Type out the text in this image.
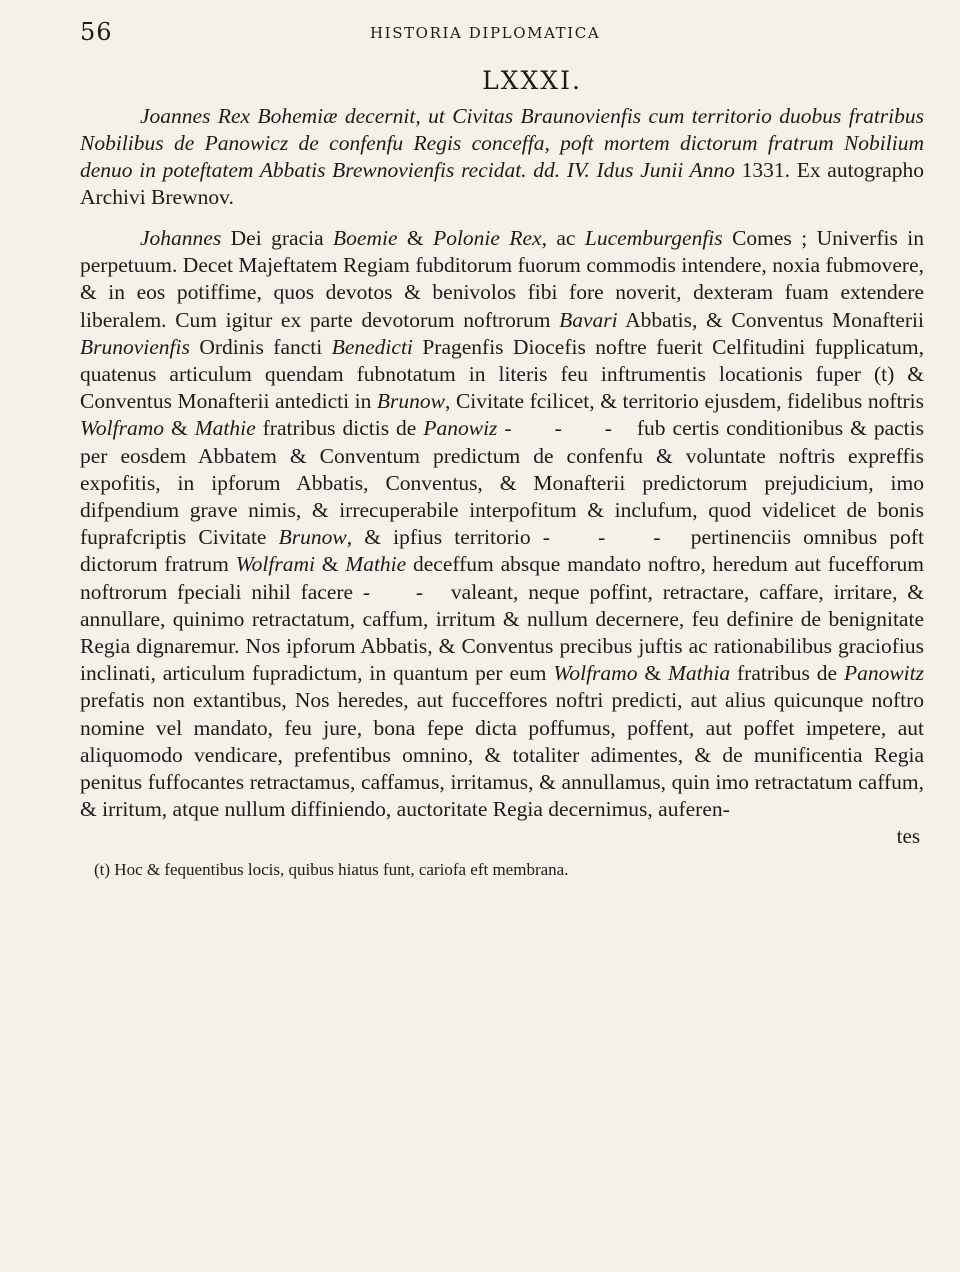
56	HISTORIA DIPLOMATICA
LXXXI.

Joannes Rex Bohemiæ decernit, ut Civitas Braunovienfis cum territorio duobus fratribus Nobilibus de Panowicz de confenfu Regis conceffa, poft mortem dictorum fratrum Nobilium denuo in poteftatem Abbatis Brewnovienfis recidat. dd. IV. Idus Junii Anno 1331. Ex autographo Archivi Brewnov.

Johannes Dei gracia Boemie & Polonie Rex, ac Lucemburgenfis Comes ; Univerfis in perpetuum. Decet Majeftatem Regiam fubditorum fuorum commodis intendere, noxia fubmovere, & in eos potiffime, quos devotos & benivolos fibi fore noverit, dexteram fuam extendere liberalem. Cum igitur ex parte devotorum noftrorum Bavari Abbatis, & Conventus Monafterii Brunovienfis Ordinis fancti Benedicti Pragenfis Diocefis noftre fuerit Celfitudini fupplicatum, quatenus articulum quendam fubnotatum in literis feu inftrumentis locationis fuper (t) & Conventus Monafterii antedicti in Brunow, Civitate fcilicet, & territorio ejusdem, fidelibus noftris Wolframo & Mathie fratribus dictis de Panowiz - - - fub certis conditionibus & pactis per eosdem Abbatem & Conventum predictum de confenfu & voluntate noftris expreffis expofitis, in ipforum Abbatis, Conventus, & Monafterii predictorum prejudicium, imo difpendium grave nimis, & irrecuperabile interpofitum & inclufum, quod videlicet de bonis fuprafcriptis Civitate Brunow, & ipfius territorio - - - pertinenciis omnibus poft dictorum fratrum Wolframi & Mathie deceffum absque mandato noftro, heredum aut fucefforum noftrorum fpeciali nihil facere - - valeant, neque poffint, retractare, caffare, irritare, & annullare, quinimo retractatum, caffum, irritum & nullum decernere, feu definire de benignitate Regia dignaremur. Nos ipforum Abbatis, & Conventus precibus juftis ac rationabilibus graciofius inclinati, articulum fupradictum, in quantum per eum Wolframo & Mathia fratribus de Panowitz prefatis non extantibus, Nos heredes, aut fucceffores noftri predicti, aut alius quicunque noftro nomine vel mandato, feu jure, bona fepe dicta poffumus, poffent, aut poffet impetere, aut aliquomodo vendicare, prefentibus omnino, & totaliter adimentes, & de munificentia Regia penitus fuffocantes retractamus, caffamus, irritamus, & annullamus, quin imo retractatum caffum, & irritum, atque nullum diffiniendo, auctoritate Regia decernimus, auferen-

tes

(t) Hoc & fequentibus locis, quibus hiatus funt, cariofa eft membrana.
